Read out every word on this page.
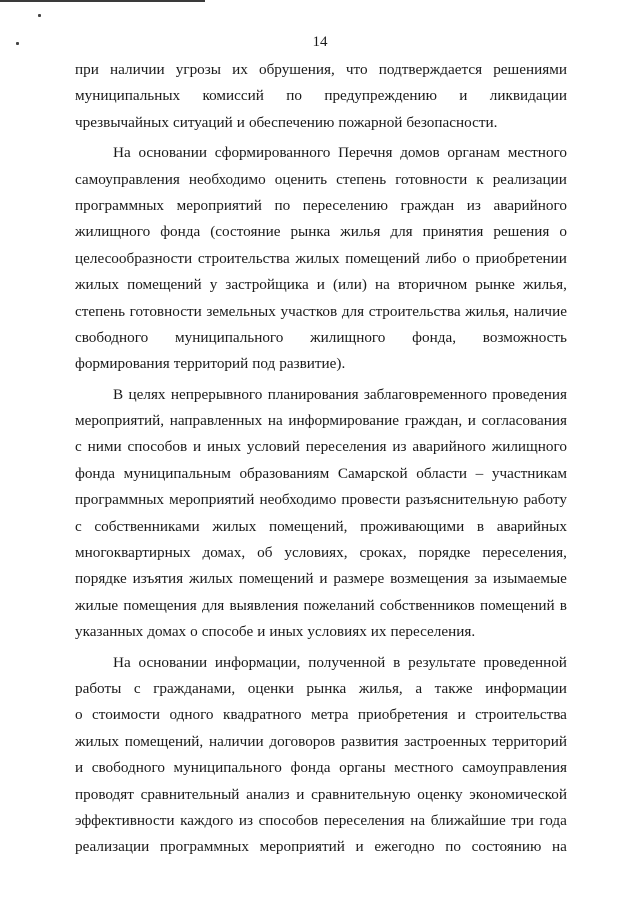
14
при наличии угрозы их обрушения, что подтверждается решениями
муниципальных комиссий по предупреждению и ликвидации
чрезвычайных ситуаций и обеспечению пожарной безопасности.
На основании сформированного Перечня домов органам местного
самоуправления необходимо оценить степень готовности к реализации
программных мероприятий по переселению граждан из аварийного
жилищного фонда (состояние рынка жилья для принятия решения о
целесообразности строительства жилых помещений либо о приобретении
жилых помещений у застройщика и (или) на вторичном рынке жилья,
степень готовности земельных участков для строительства жилья, наличие
свободного муниципального жилищного фонда, возможность
формирования территорий под развитие).
В целях непрерывного планирования заблаговременного проведения
мероприятий, направленных на информирование граждан, и согласования
с ними способов и иных условий переселения из аварийного жилищного
фонда муниципальным образованиям Самарской области – участникам
программных мероприятий необходимо провести разъяснительную работу
с собственниками жилых помещений, проживающими в аварийных
многоквартирных домах, об условиях, сроках, порядке переселения,
порядке изъятия жилых помещений и размере возмещения за изымаемые
жилые помещения для выявления пожеланий собственников помещений в
указанных домах о способе и иных условиях их переселения.
На основании информации, полученной в результате проведенной
работы с гражданами, оценки рынка жилья, а также информации
о стоимости одного квадратного метра приобретения и строительства
жилых помещений, наличии договоров развития застроенных территорий
и свободного муниципального фонда органы местного самоуправления
проводят сравнительный анализ и сравнительную оценку экономической
эффективности каждого из способов переселения на ближайшие три года
реализации программных мероприятий и ежегодно по состоянию на
